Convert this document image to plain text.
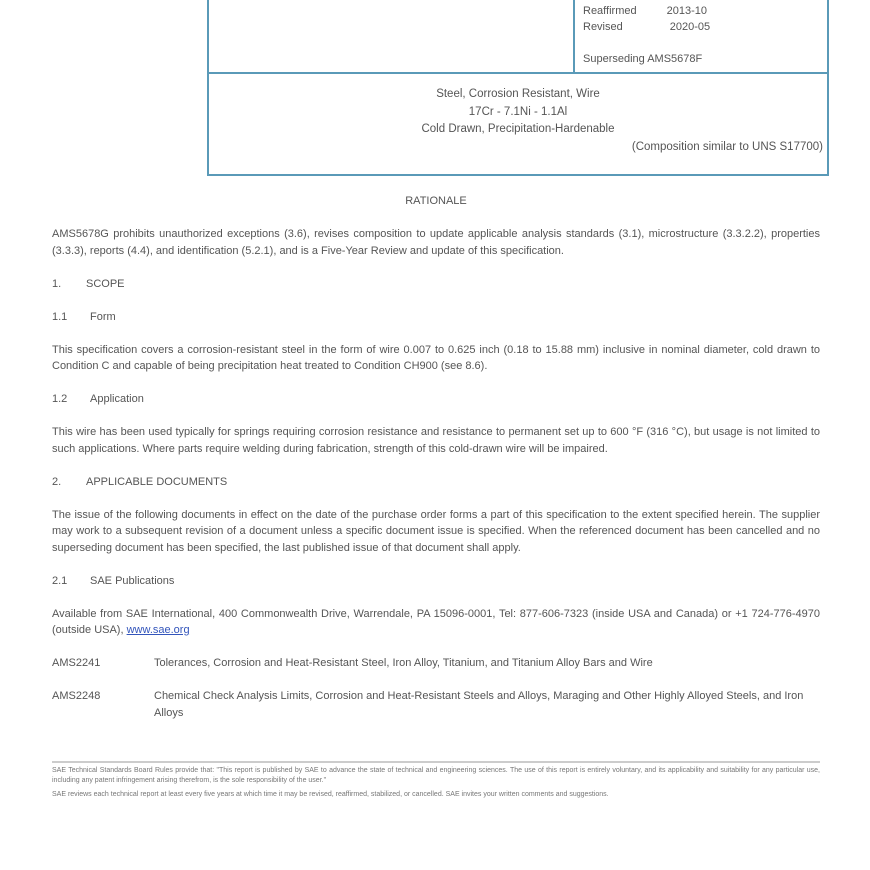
Reaffirmed	2013-10
Revised	2020-05
Superseding AMS5678F
Steel, Corrosion Resistant, Wire
17Cr - 7.1Ni - 1.1Al
Cold Drawn, Precipitation-Hardenable
(Composition similar to UNS S17700)
RATIONALE
AMS5678G prohibits unauthorized exceptions (3.6), revises composition to update applicable analysis standards (3.1), microstructure (3.3.2.2), properties (3.3.3), reports (4.4), and identification (5.2.1), and is a Five-Year Review and update of this specification.
1. SCOPE
1.1 Form
This specification covers a corrosion-resistant steel in the form of wire 0.007 to 0.625 inch (0.18 to 15.88 mm) inclusive in nominal diameter, cold drawn to Condition C and capable of being precipitation heat treated to Condition CH900 (see 8.6).
1.2 Application
This wire has been used typically for springs requiring corrosion resistance and resistance to permanent set up to 600 °F (316 °C), but usage is not limited to such applications. Where parts require welding during fabrication, strength of this cold-drawn wire will be impaired.
2. APPLICABLE DOCUMENTS
The issue of the following documents in effect on the date of the purchase order forms a part of this specification to the extent specified herein. The supplier may work to a subsequent revision of a document unless a specific document issue is specified. When the referenced document has been cancelled and no superseding document has been specified, the last published issue of that document shall apply.
2.1 SAE Publications
Available from SAE International, 400 Commonwealth Drive, Warrendale, PA 15096-0001, Tel: 877-606-7323 (inside USA and Canada) or +1 724-776-4970 (outside USA), www.sae.org
AMS2241	Tolerances, Corrosion and Heat-Resistant Steel, Iron Alloy, Titanium, and Titanium Alloy Bars and Wire
AMS2248	Chemical Check Analysis Limits, Corrosion and Heat-Resistant Steels and Alloys, Maraging and Other Highly Alloyed Steels, and Iron Alloys

SAE Technical Standards Board Rules provide that: "This report is published by SAE to advance the state of technical and engineering sciences. The use of this report is entirely voluntary, and its applicability and suitability for any particular use, including any patent infringement arising therefrom, is the sole responsibility of the user."

SAE reviews each technical report at least every five years at which time it may be revised, reaffirmed, stabilized, or cancelled. SAE invites your written comments and suggestions.
